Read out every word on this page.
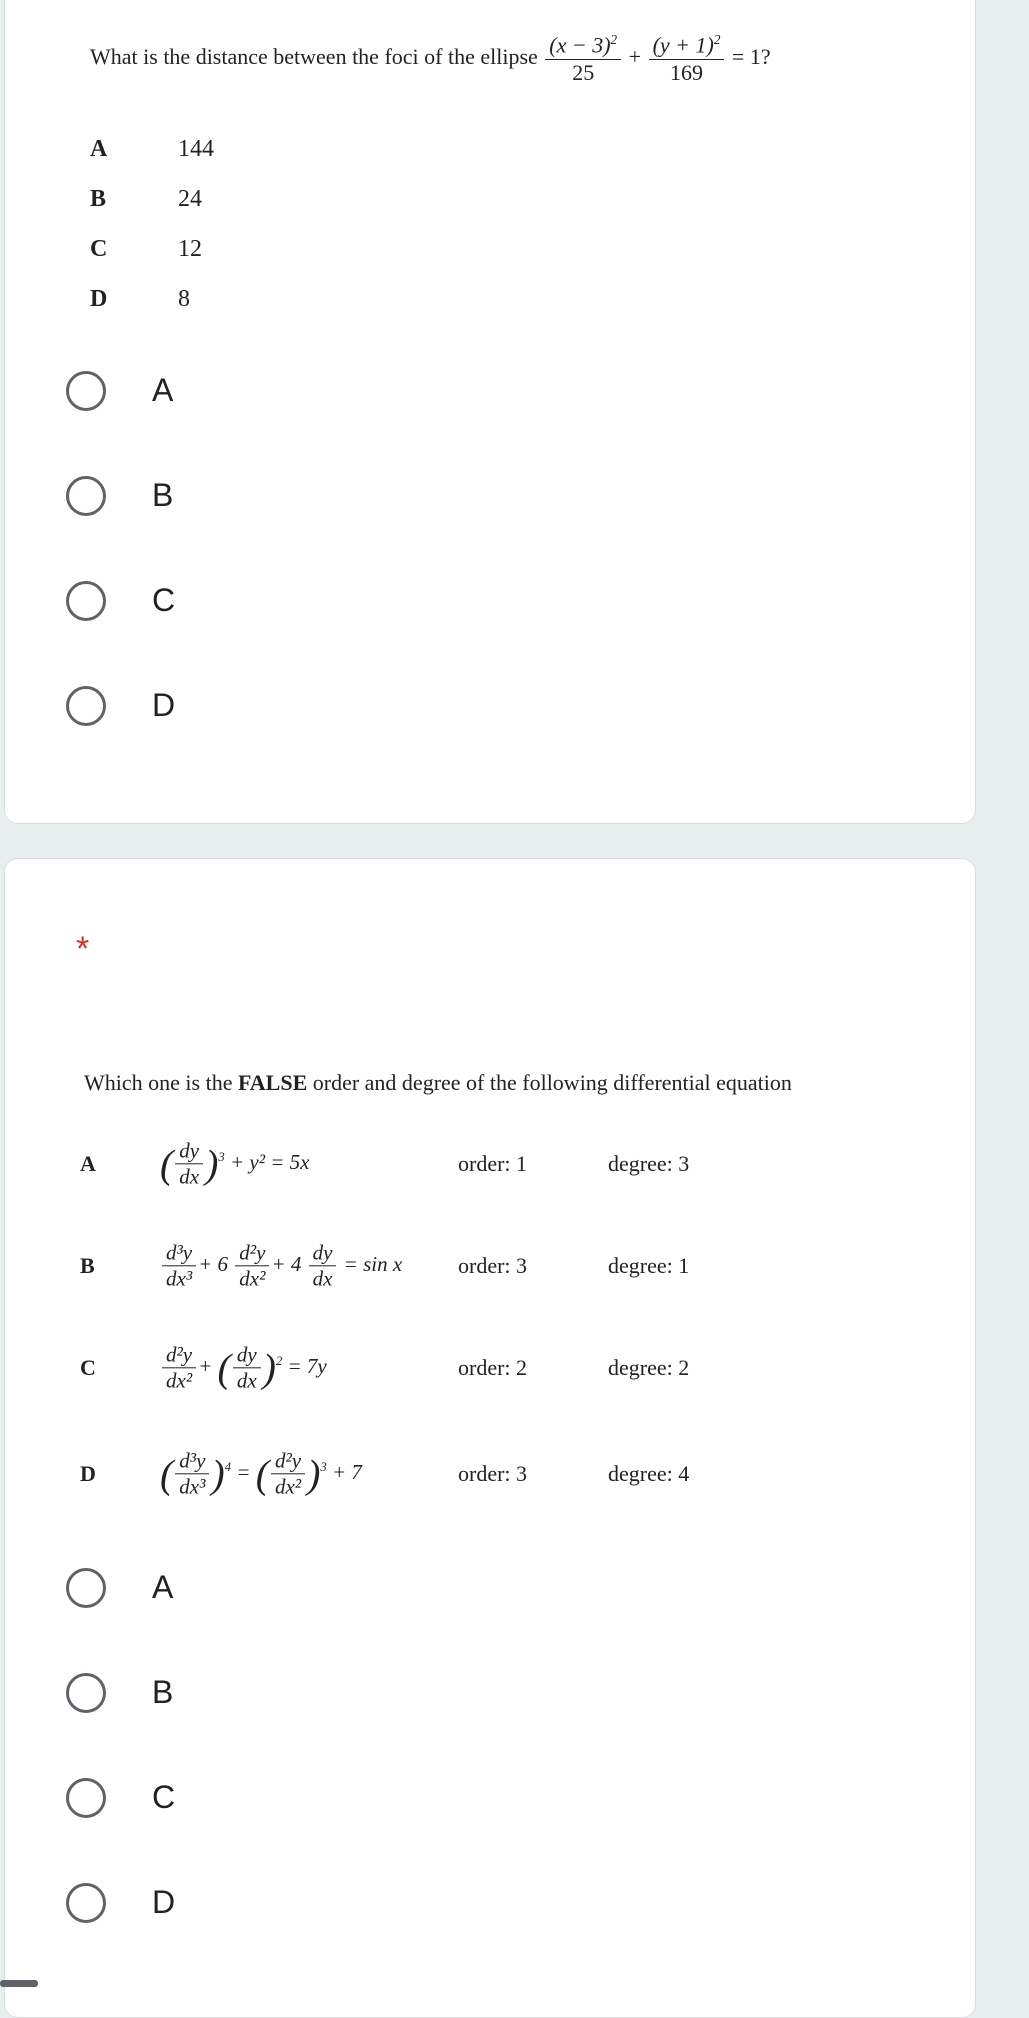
What is the distance between the foci of the ellipse $\frac{(x - 3)^2}{25} + \frac{(y + 1)^2}{169} = 1$?
A	144
B	24
C	12
D	8
A
B
C
D
*
Which one is the FALSE order and degree of the following differential equation
A ( $\frac{dy}{dx} )^3 + y^2 = 5x$	order: 1	degree: 3
B	$\frac{\text{d³y}}{\text{dx³}} + 6 \frac{\text{d²y}}{\text{dx²}} + 4 \frac{dy}{dx} = \sin x$	order: 3	degree: 1
C	$\frac{\text{d²y}}{\text{dx²}}$ + ( $\frac{dy}{dx} )^2 = 7y$	order: 2	degree: 2
D ( $\frac{\text{d³y}}{\text{dx³}} )^4$ = ( $\frac{\text{d²y}}{\text{dx²}} )^3 + 7$	order: 3	degree: 4
A
B
C
D
